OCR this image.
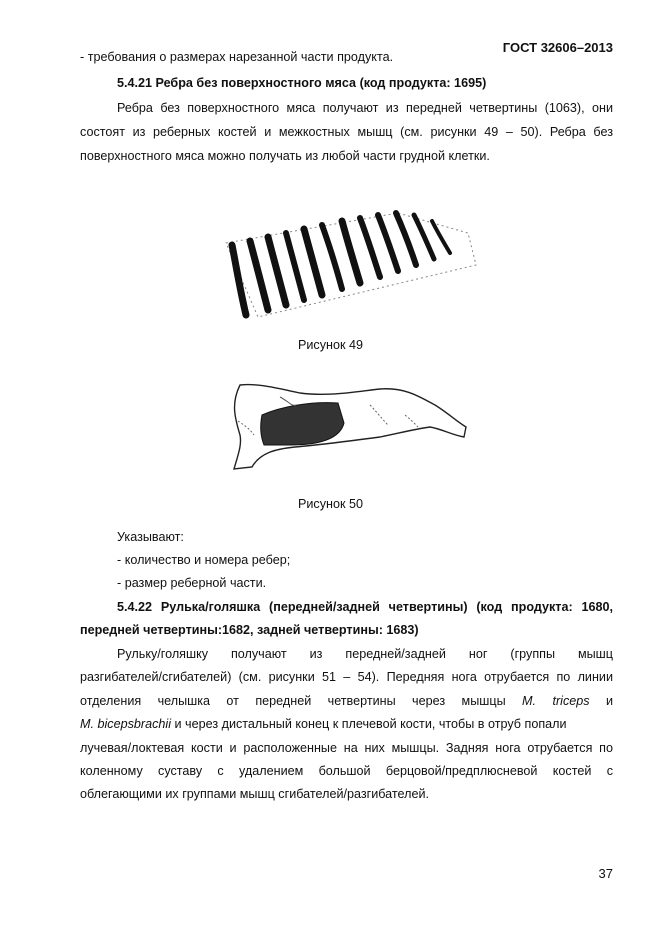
ГОСТ 32606–2013
- требования о размерах нарезанной части продукта.
5.4.21 Ребра без поверхностного мяса (код продукта: 1695)
Ребра без поверхностного мяса получают из передней четвертины (1063), они
состоят из реберных костей и межкостных мышц (см. рисунки 49 – 50). Ребра без
поверхностного мяса можно получать из любой части грудной клетки.
Рисунок 49
Рисунок 50
Указывают:
- количество и номера ребер;
- размер реберной части.
5.4.22 Рулька/голяшка (передней/задней четвертины) (код продукта: 1680,
передней четвертины:1682, задней четвертины: 1683)
Рульку/голяшку получают из передней/задней ног (группы мышц
разгибателей/сгибателей) (см. рисунки 51 – 54). Передняя нога отрубается по линии
отделения челышка от передней четвертины через мышцы M. triceps и
M. bicepsbrachii и через дистальный конец к плечевой кости, чтобы в отруб попали
лучевая/локтевая кости и расположенные на них мышцы. Задняя нога отрубается по
коленному суставу с удалением большой берцовой/предплюсневой костей с
облегающими их группами мышц сгибателей/разгибателей.
37
